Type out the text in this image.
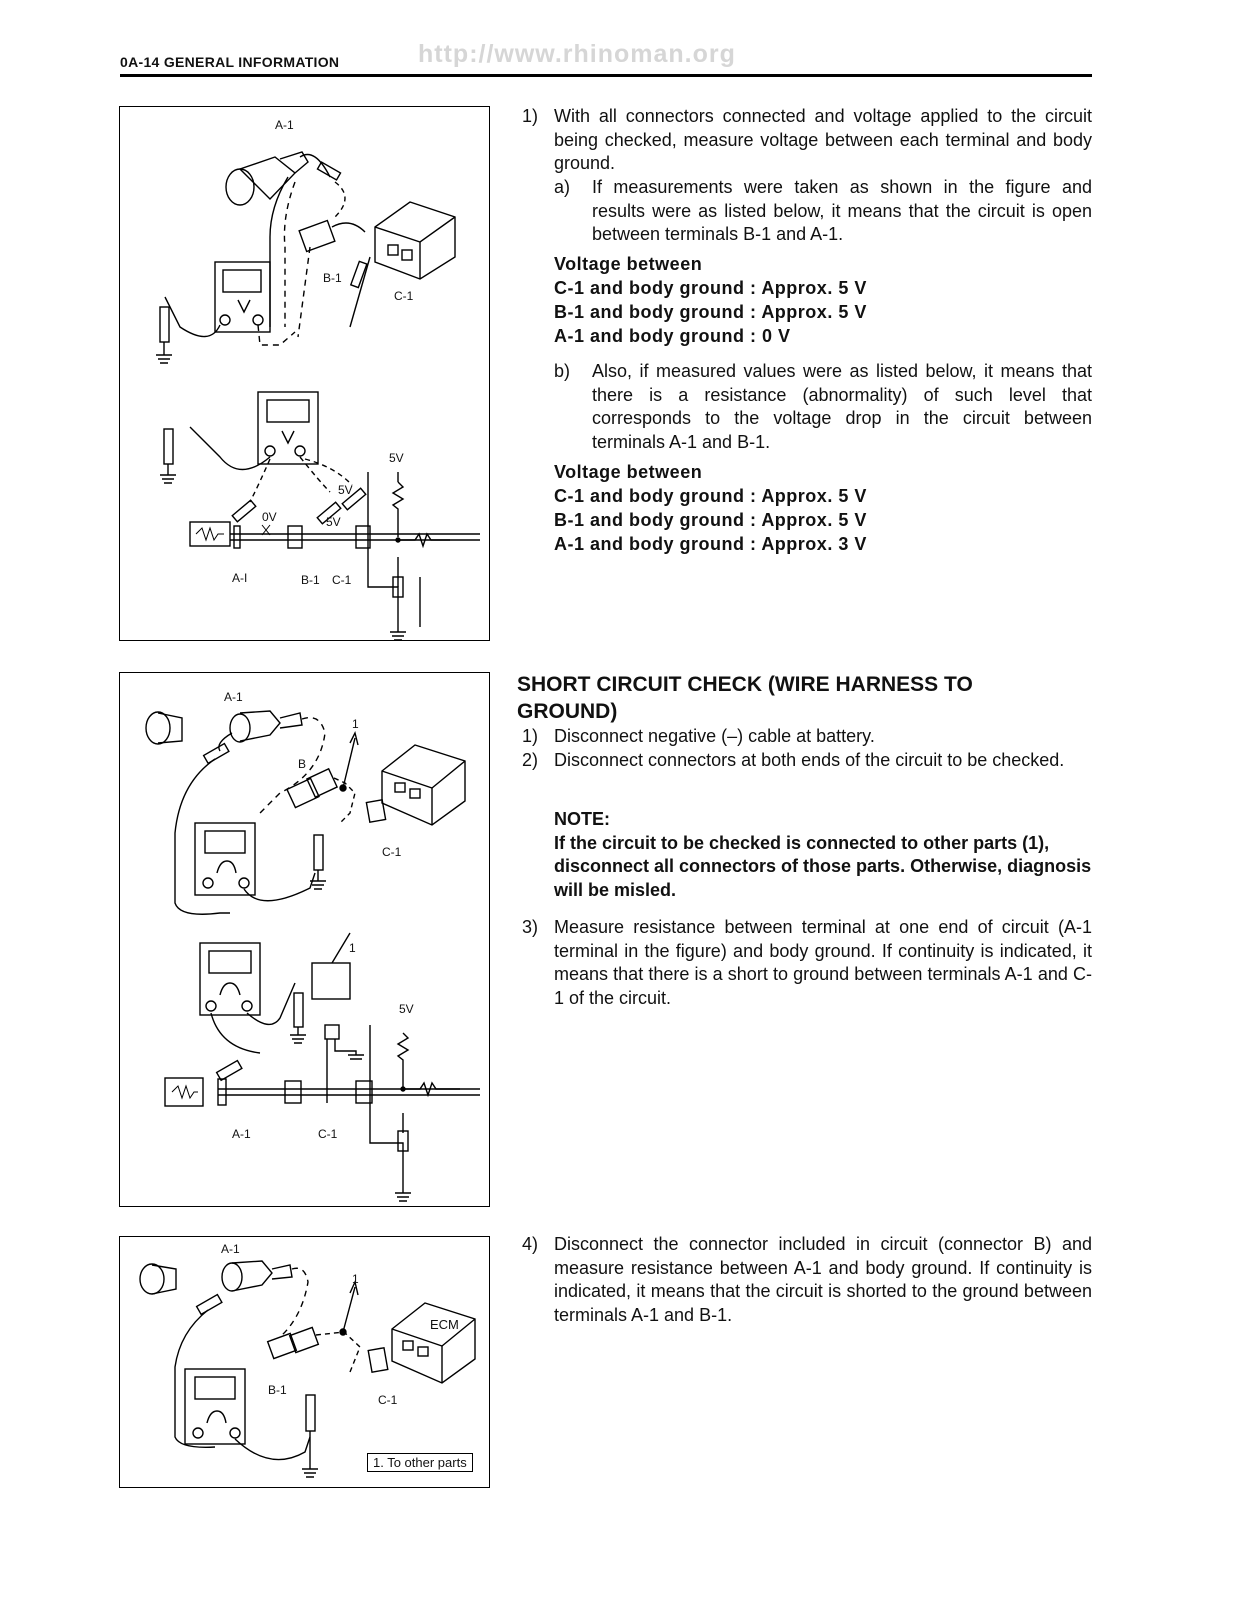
0A-14 GENERAL INFORMATION	http://www.rhinoman.org
A-1
B-1
C-1
5V
5V
5V
0V
A-I	B-1 C-1
A-1
1
B
C-1
1
5V
A-1	C-1
A-1
1
ECM
B-1
C-1
1. To other parts
1) With all connectors connected and voltage applied to the circuit being checked, measure voltage between each terminal and body ground.
a) If measurements were taken as shown in the figure and results were as listed below, it means that the circuit is open between terminals B-1 and A-1.
Voltage between
C-1 and body ground : Approx. 5 V
B-1 and body ground : Approx. 5 V
A-1 and body ground : 0 V
b) Also, if measured values were as listed below, it means that there is a resistance (abnormality) of such level that corresponds to the voltage drop in the circuit between terminals A-1 and B-1.
Voltage between
C-1 and body ground : Approx. 5 V
B-1 and body ground : Approx. 5 V
A-1 and body ground : Approx. 3 V
SHORT CIRCUIT CHECK (WIRE HARNESS TO
GROUND)
1) Disconnect negative (–) cable at battery.
2) Disconnect connectors at both ends of the circuit to be checked.
NOTE:
If the circuit to be checked is connected to other parts (1), disconnect all connectors of those parts. Otherwise, diagnosis will be misled.
3) Measure resistance between terminal at one end of circuit (A-1 terminal in the figure) and body ground. If continuity is indicated, it means that there is a short to ground between terminals A-1 and C-1 of the circuit.
4) Disconnect the connector included in circuit (connector B) and measure resistance between A-1 and body ground. If continuity is indicated, it means that the circuit is shorted to the ground between terminals A-1 and B-1.
